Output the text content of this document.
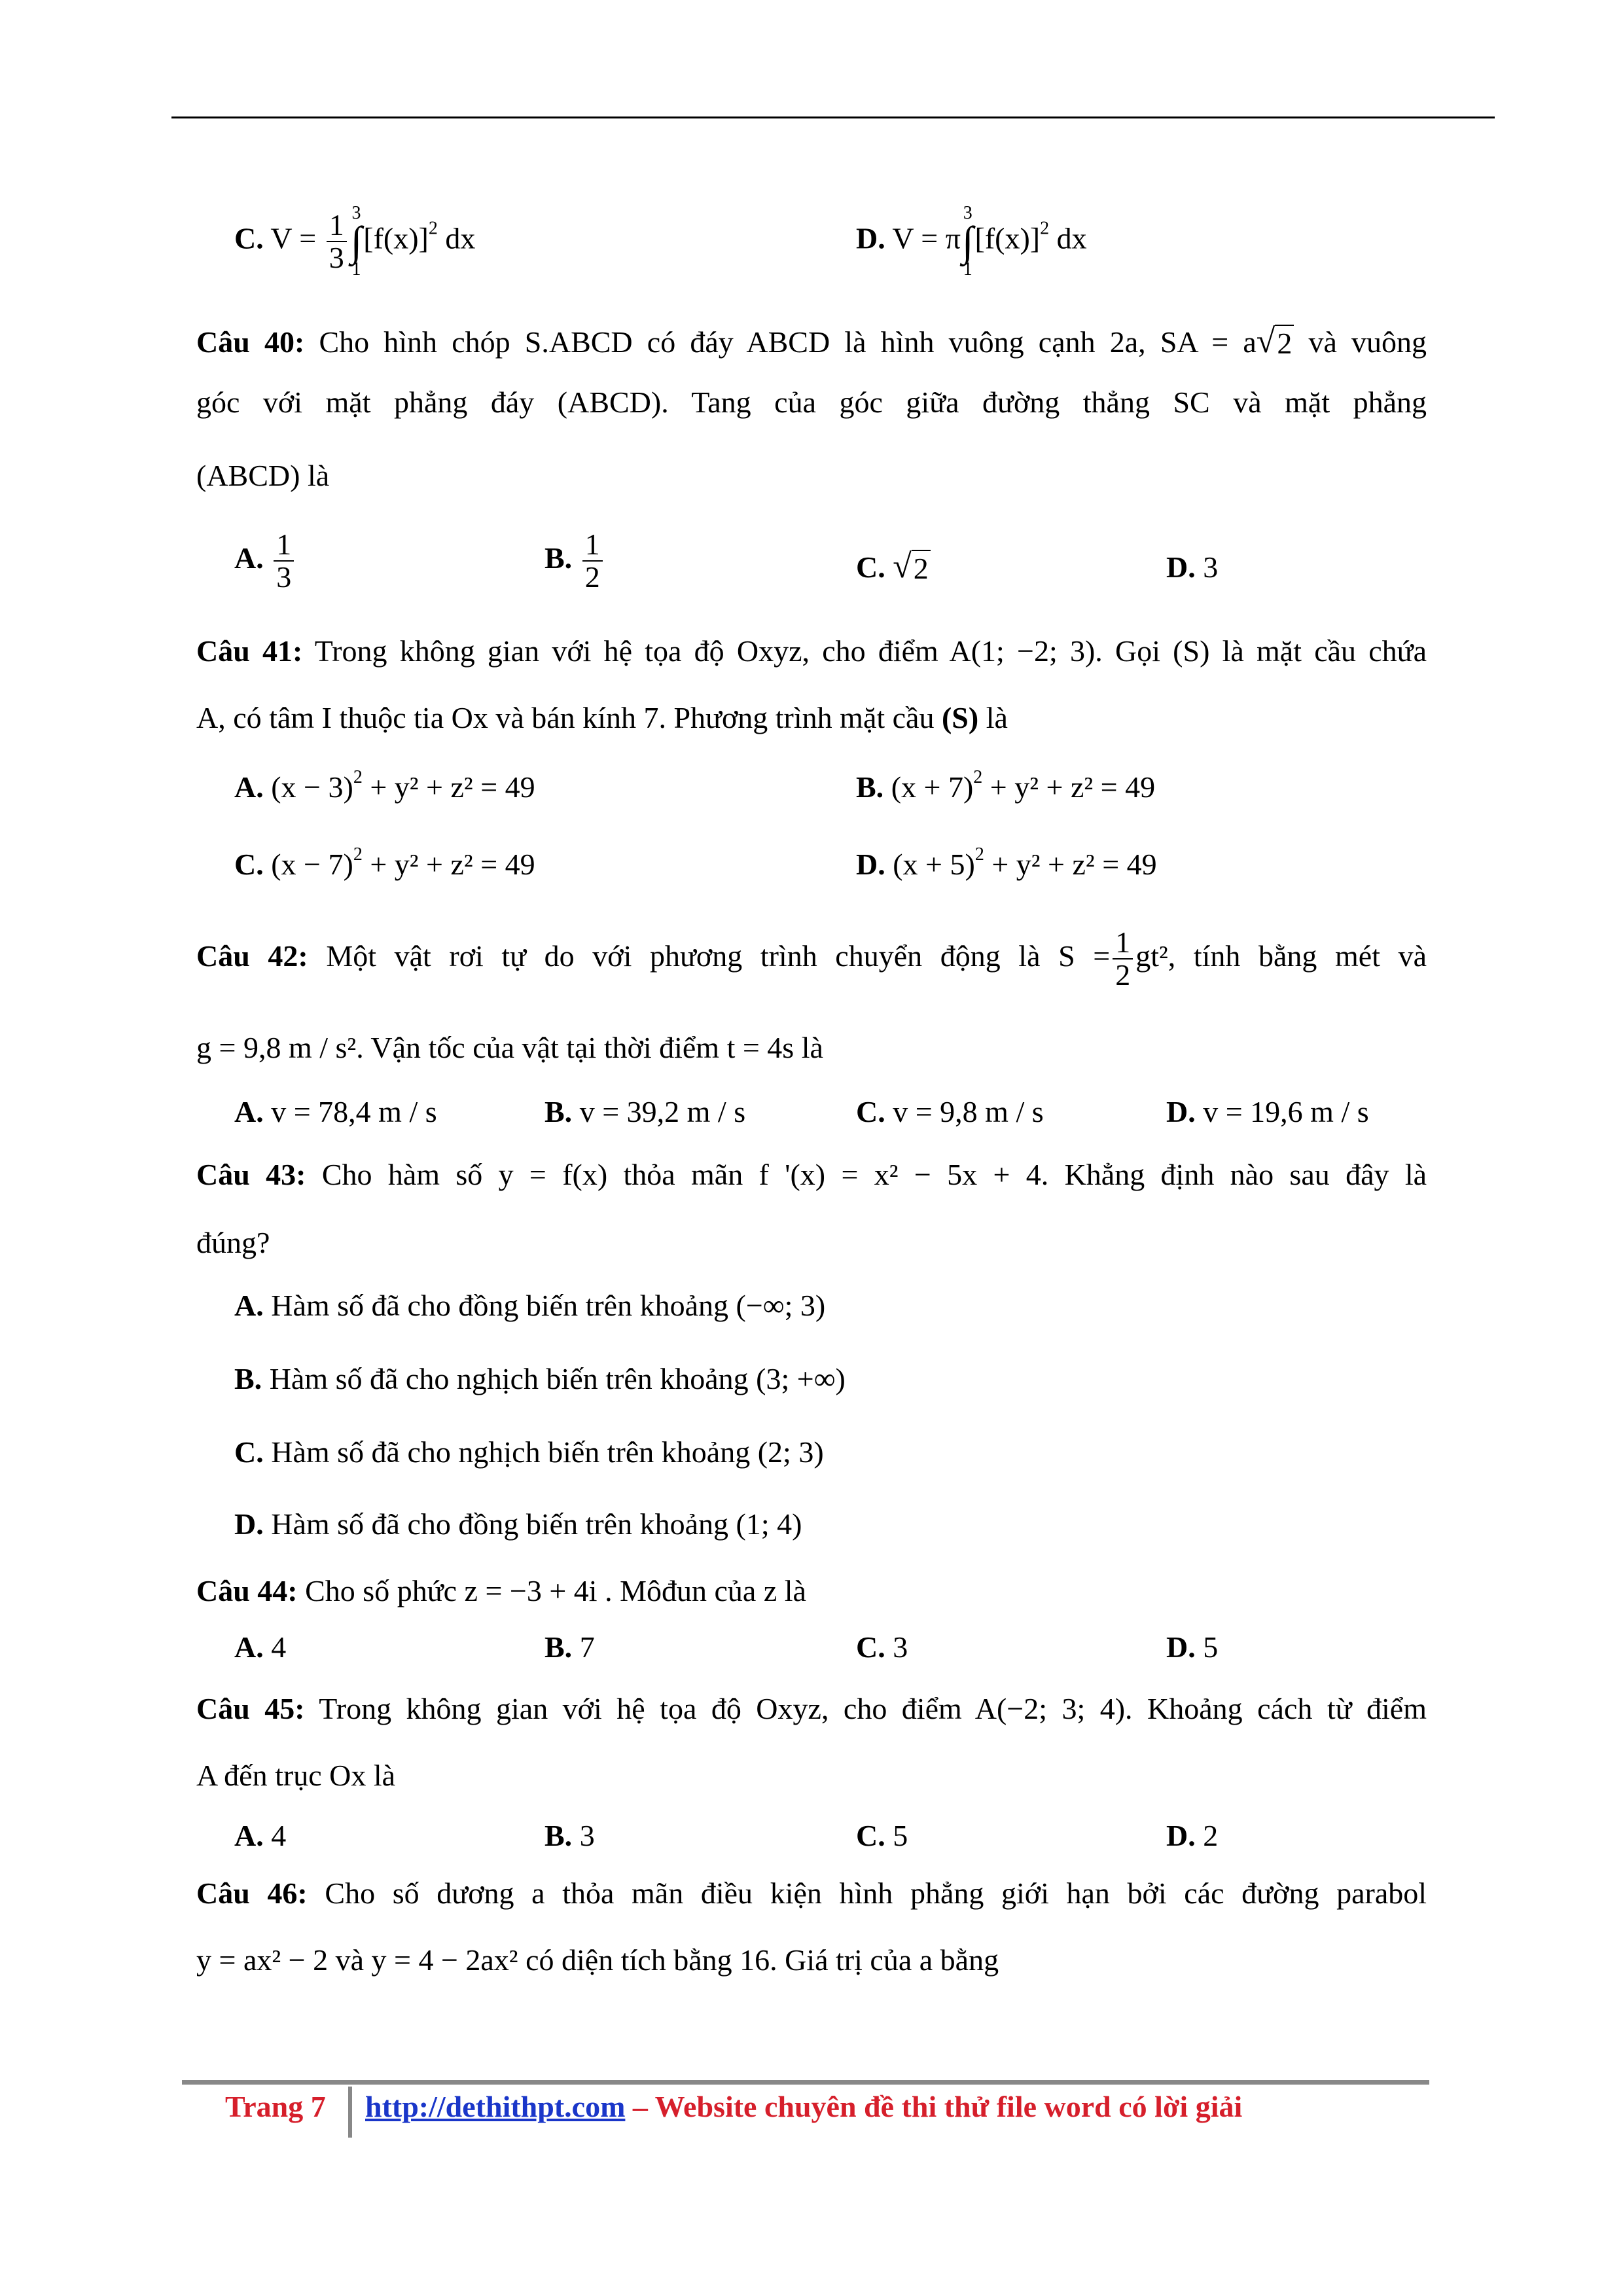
C. $V = \frac{1}{3} 3$
∫
1
$[f(x)]^2$ dx	D. V = π
3
∫
1
$[f(x)]^2$ dx
Câu 40: Cho hình chóp S.ABCD có đáy ABCD là hình vuông cạnh 2a, SA = a √ 2 và vuông
góc với mặt phẳng đáy (ABCD). Tang của góc giữa đường thẳng SC và mặt phẳng
(ABCD) là
A. $\frac{1}{3}$	B. $\frac{1}{2}$	C. √ 2	D. 3
Câu 41: Trong không gian với hệ tọa độ Oxyz, cho điểm A(1; −2; 3). Gọi (S) là mặt cầu chứa
A, có tâm I thuộc tia Ox và bán kính 7. Phương trình mặt cầu (S) là
A. $(x - 3)^2 + y^2 + z^2 = 49$	B. $(x + 7)^2 + y^2 + z^2 = 49$
C. $(x - 7)^2 + y^2 + z^2 = 49$	D. $(x + 5)^2 + y^2 + z^2 = 49$
Câu 42: Một vật rơi tự do với phương trình chuyển động là $S = \frac{1}{2} gt^2$, tính bằng mét và
g = 9,8 m / s². Vận tốc của vật tại thời điểm t = 4s là
A. v = 78,4 m / s	B. v = 39,2 m / s	C. v = 9,8 m / s	D. v = 19,6 m / s
Câu 43: Cho hàm số y = f(x) thỏa mãn f '(x) = x² − 5x + 4. Khẳng định nào sau đây là
đúng?
A. Hàm số đã cho đồng biến trên khoảng (−∞; 3)
B. Hàm số đã cho nghịch biến trên khoảng (3; +∞)
C. Hàm số đã cho nghịch biến trên khoảng (2; 3)
D. Hàm số đã cho đồng biến trên khoảng (1; 4)
Câu 44: Cho số phức z = −3 + 4i . Môđun của z là
A. 4	B. 7	C. 3	D. 5
Câu 45: Trong không gian với hệ tọa độ Oxyz, cho điểm A(−2; 3; 4). Khoảng cách từ điểm
A đến trục Ox là
A. 4	B. 3	C. 5	D. 2
Câu 46: Cho số dương a thỏa mãn điều kiện hình phẳng giới hạn bởi các đường parabol
y = ax² − 2 và y = 4 − 2ax² có diện tích bằng 16. Giá trị của a bằng
Trang 7 http://dethithpt.com – Website chuyên đề thi thử file word có lời giải
